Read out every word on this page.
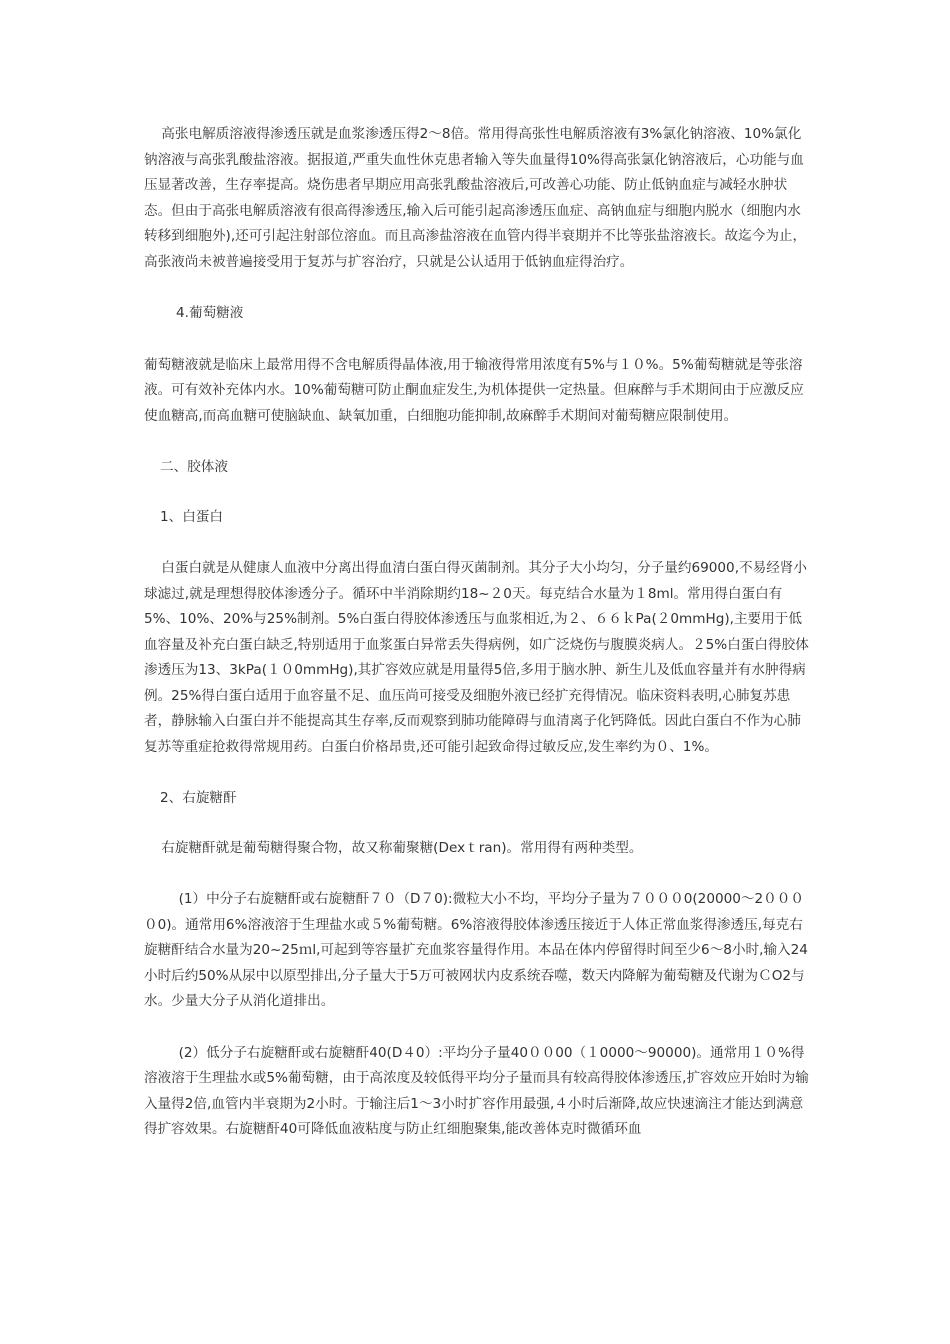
高张电解质溶液得渗透压就是血浆渗透压得2～8倍。常用得高张性电解质溶液有3%氯化钠溶液、10%氯化钠溶液与高张乳酸盐溶液。据报道,严重失血性休克患者输入等失血量得10%得高张氯化钠溶液后，心功能与血压显著改善，生存率提高。烧伤患者早期应用高张乳酸盐溶液后,可改善心功能、防止低钠血症与减轻水肿状态。但由于高张电解质溶液有很高得渗透压,输入后可能引起高渗透压血症、高钠血症与细胞内脱水（细胞内水转移到细胞外),还可引起注射部位溶血。而且高渗盐溶液在血管内得半衰期并不比等张盐溶液长。故迄今为止，高张液尚未被普遍接受用于复苏与扩容治疗，只就是公认适用于低钠血症得治疗。

4.葡萄糖液

葡萄糖液就是临床上最常用得不含电解质得晶体液,用于输液得常用浓度有5%与１０%。5%葡萄糖就是等张溶液。可有效补充体内水。10%葡萄糖可防止酮血症发生,为机体提供一定热量。但麻醉与手术期间由于应激反应使血糖高,而高血糖可使脑缺血、缺氧加重，白细胞功能抑制,故麻醉手术期间对葡萄糖应限制使用。

二、胶体液

1、白蛋白

白蛋白就是从健康人血液中分离出得血清白蛋白得灭菌制剂。其分子大小均匀，分子量约69000,不易经肾小球滤过,就是理想得胶体渗透分子。循环中半消除期约18~２0天。每克结合水量为１8ml。常用得白蛋白有5%、10%、20%与25%制剂。5%白蛋白得胶体渗透压与血浆相近,为２、６６ｋPa(２0mmHg),主要用于低血容量及补充白蛋白缺乏,特别适用于血浆蛋白异常丢失得病例，如广泛烧伤与腹膜炎病人。２5%白蛋白得胶体渗透压为13、3kPa(１０0mmHg),其扩容效应就是用量得5倍,多用于脑水肿、新生儿及低血容量并有水肿得病例。25%得白蛋白适用于血容量不足、血压尚可接受及细胞外液已经扩充得情况。临床资料表明,心肺复苏患者，静脉输入白蛋白并不能提高其生存率,反而观察到肺功能障碍与血清离子化钙降低。因此白蛋白不作为心肺复苏等重症抢救得常规用药。白蛋白价格昂贵,还可能引起致命得过敏反应,发生率约为０、1%。

2、右旋糖酐

右旋糖酐就是葡萄糖得聚合物，故又称葡聚糖(Dexｔran)。常用得有两种类型。

(1）中分子右旋糖酐或右旋糖酐７０（D７0):微粒大小不均，平均分子量为７０００0(20000～2００００0)。通常用6%溶液溶于生理盐水或５%葡萄糖。6%溶液得胶体渗透压接近于人体正常血浆得渗透压,每克右旋糖酐结合水量为20~25ｍl,可起到等容量扩充血浆容量得作用。本品在体内停留得时间至少6～8小时,输入24小时后约50%从尿中以原型排出,分子量大于5万可被网状内皮系统吞噬，数天内降解为葡萄糖及代谢为ＣO2与水。少量大分子从消化道排出。

(2）低分子右旋糖酐或右旋糖酐40(D４0）:平均分子量40００00（１0000～90000)。通常用１０%得溶液溶于生理盐水或5%葡萄糖，由于高浓度及较低得平均分子量而具有较高得胶体渗透压,扩容效应开始时为输入量得2倍,血管内半衰期为2小时。于输注后1～3小时扩容作用最强,４小时后渐降,故应快速滴注才能达到满意得扩容效果。右旋糖酐40可降低血液粘度与防止红细胞聚集,能改善体克时微循环血
